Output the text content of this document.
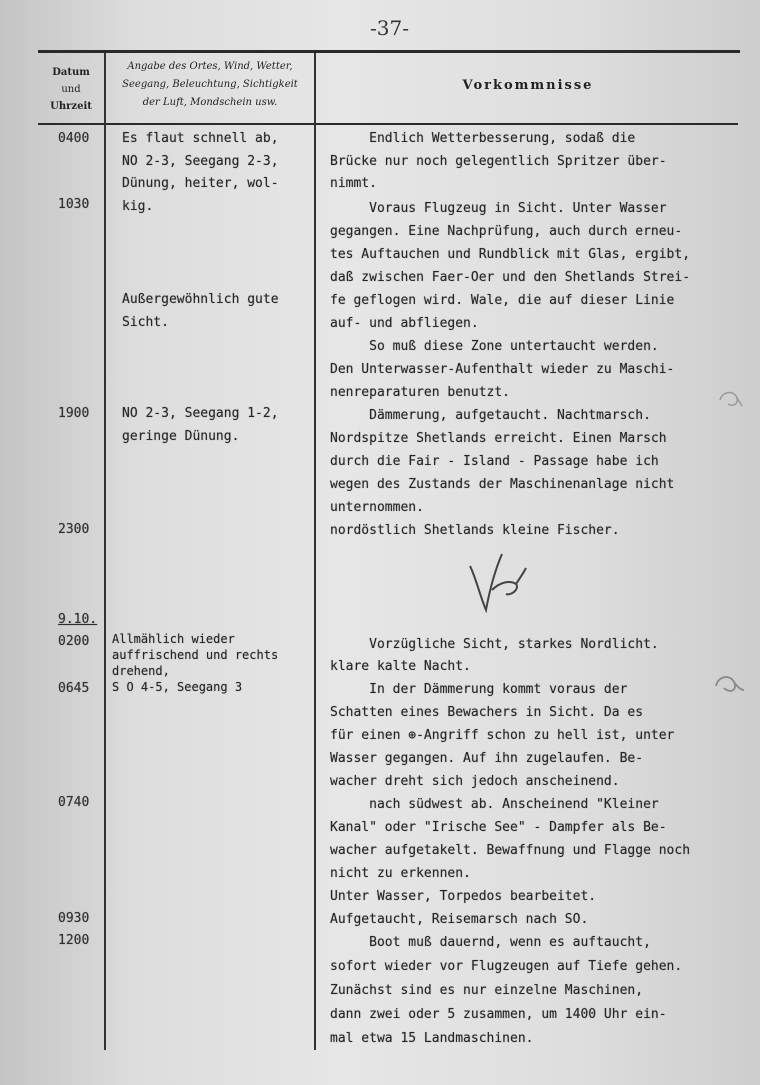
-37-
Datum
und
Uhrzeit
Angabe des Ortes, Wind, Wetter,
Seegang, Beleuchtung, Sichtigkeit
der Luft, Mondschein usw.
Vorkommnisse
0400
1030
1900
2300
9.10.
0200
0645
0740
0930
1200
Es flaut schnell ab,
NO 2-3, Seegang 2-3,
Dünung, heiter, wol-
kig.
Außergewöhnlich gute
Sicht.
NO 2-3, Seegang 1-2,
geringe Dünung.
Allmählich wieder
auffrischend und rechts
drehend,
S O 4-5, Seegang 3
Endlich Wetterbesserung, sodaß die
Brücke nur noch gelegentlich Spritzer über-
nimmt.
Voraus Flugzeug in Sicht. Unter Wasser
gegangen. Eine Nachprüfung, auch durch erneu-
tes Auftauchen und Rundblick mit Glas, ergibt,
daß zwischen Faer-Oer und den Shetlands Strei-
fe geflogen wird. Wale, die auf dieser Linie
auf- und abfliegen.
So muß diese Zone untertaucht werden.
Den Unterwasser-Aufenthalt wieder zu Maschi-
nenreparaturen benutzt.
Dämmerung, aufgetaucht. Nachtmarsch.
Nordspitze Shetlands erreicht. Einen Marsch
durch die Fair - Island - Passage habe ich
wegen des Zustands der Maschinenanlage nicht
unternommen.
nordöstlich Shetlands kleine Fischer.
Vorzügliche Sicht, starkes Nordlicht.
klare kalte Nacht.
In der Dämmerung kommt voraus der
Schatten eines Bewachers in Sicht. Da es
für einen ⊕-Angriff schon zu hell ist, unter
Wasser gegangen. Auf ihn zugelaufen. Be-
wacher dreht sich jedoch anscheinend.
nach südwest ab. Anscheinend "Kleiner
Kanal" oder "Irische See" - Dampfer als Be-
wacher aufgetakelt. Bewaffnung und Flagge noch
nicht zu erkennen.
Unter Wasser, Torpedos bearbeitet.
Aufgetaucht, Reisemarsch nach SO.
Boot muß dauernd, wenn es auftaucht,
sofort wieder vor Flugzeugen auf Tiefe gehen.
Zunächst sind es nur einzelne Maschinen,
dann zwei oder 5 zusammen, um 1400 Uhr ein-
mal etwa 15 Landmaschinen.
